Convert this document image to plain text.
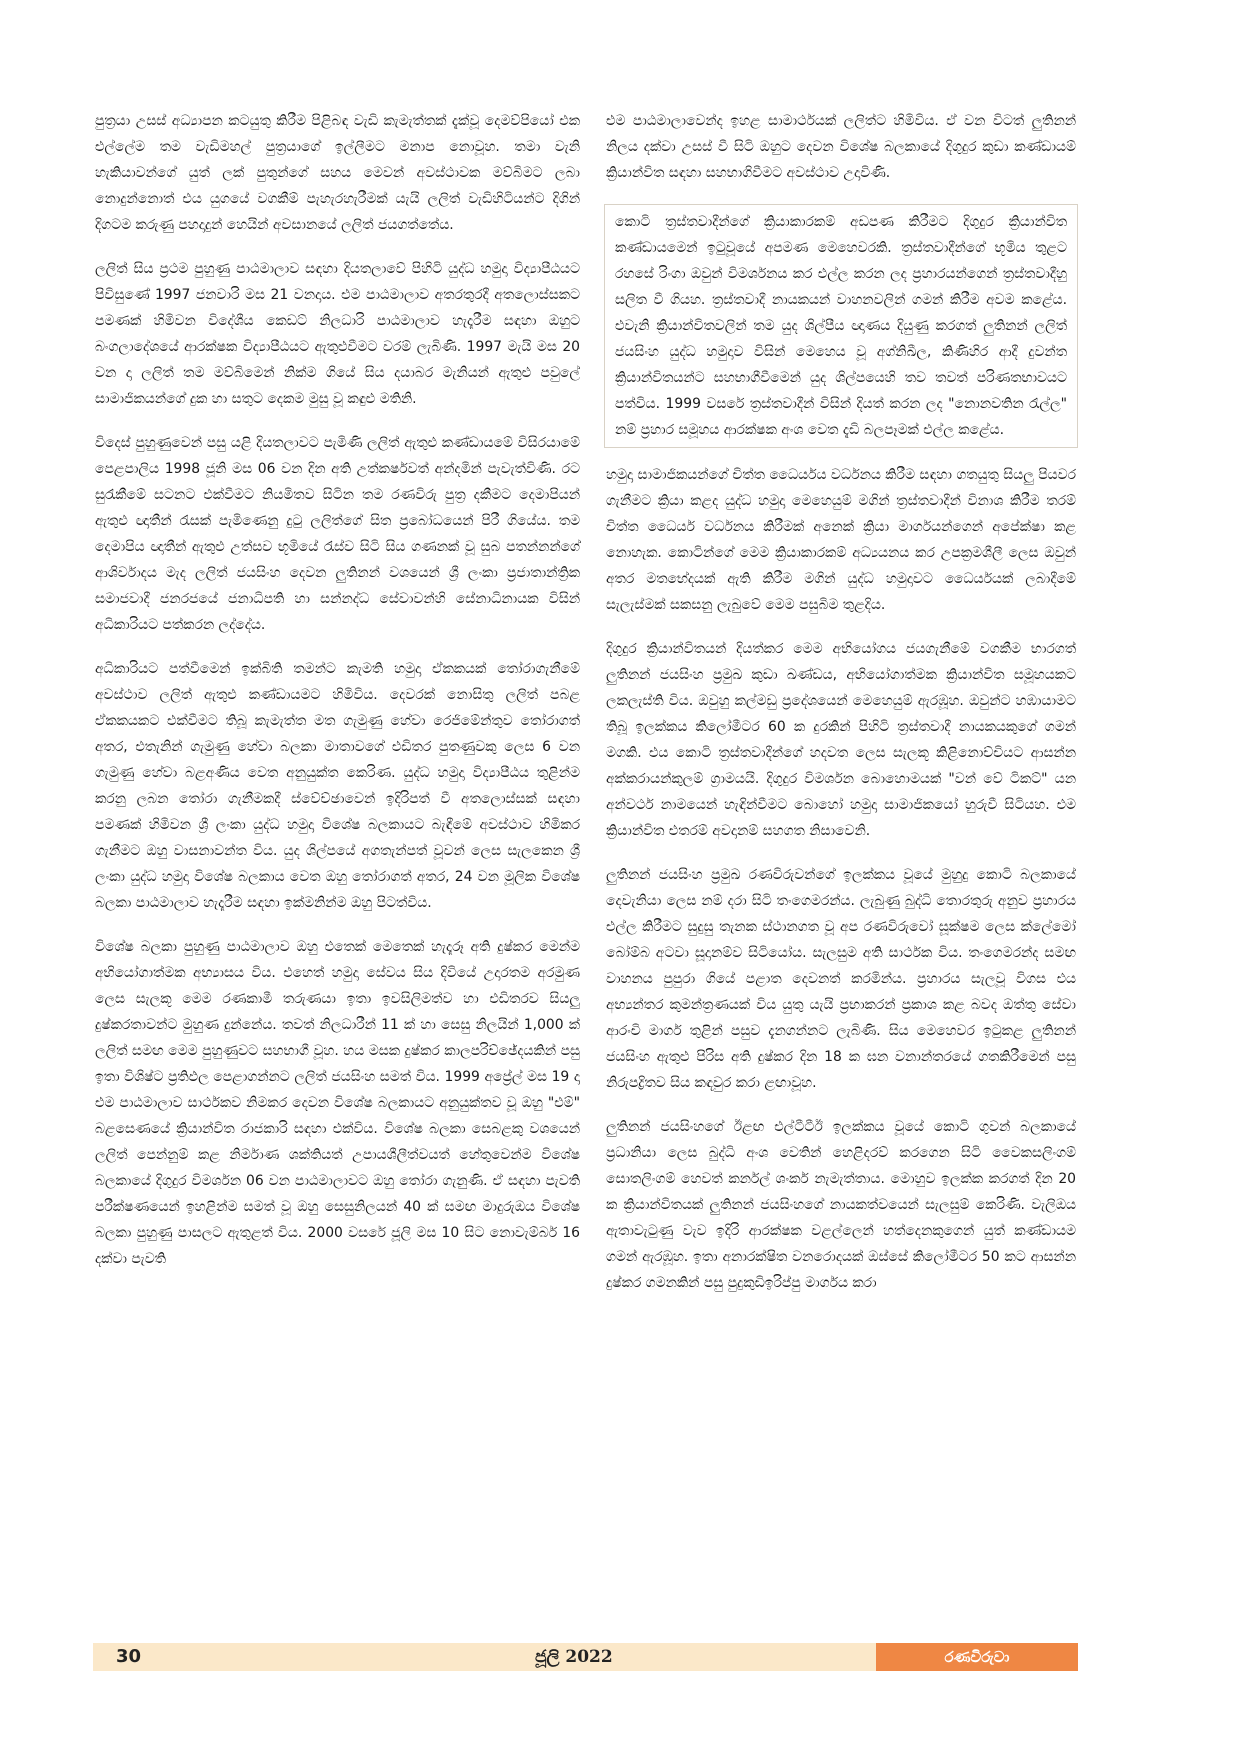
පුත්‍රයා උසස් අධ්‍යාපන කටයුතු කිරීම පිළිබඳ වැඩි කැමැත්තක් දැක්වූ දෙමව්පියෝ එක එල්ලේම තම වැඩිමහල් පුත්‍රයාගේ ඉල්ලීමට මනාප නොවූහ. තමා වැනි හැකියාවන්ගේ යුත් ලක් පුතුන්ගේ සහය මෙවන් අවස්ථාවක මව්බිමට ලබා නොදුන්නොත් එය යුගයේ වගකීම් පැහැරහැරීමක් යැයි ලලිත් වැඩිහිටියන්ට දිගින් දිගටම කරුණු පහදාදුන් හෙයින් අවසානයේ ලලිත් ජයගත්තේය.

ලලිත් සිය ප්‍රථම පුහුණු පාඨමාලාව සඳහා දියතලාවේ පිහිටි යුද්ධ හමුදා විද්‍යාපීඨයට පිවිසුණේ 1997 ජනවාරි මස 21 වනදාය. එම පාඨමාලාව අතරතුරදී අතලොස්සකට පමණක් හිමිවන විදේශීය කෙඩට් නිලධාරි පාඨමාලාව හැදෑරීම සඳහා ඔහුට බංගලාදේශයේ ආරක්ෂක විද්‍යාපීඨයට ඇතුළුවීමට වරම් ලැබිණි. 1997 මැයි මස 20 වන දා ලලිත් තම මව්බිමෙන් නික්ම ගියේ සිය දයාබර මැනියන් ඇතුළු පවුලේ සාමාජිකයන්ගේ දුක හා සතුට දෙකම මුසු වූ කඳුළු මතිනි.

විදෙස් පුහුණුවෙන් පසු යළි දියතලාවට පැමිණි ලලිත් ඇතුළු කණ්ඩායමේ විසිරයාමේ පෙළපාලිය 1998 ජූනි මස 06 වන දින අති උත්කර්ෂවත් අන්දමින් පැවැත්විණි. රට සුරැකීමේ සටනට එක්වීමට නියමිතව සිටින තම රණවිරු පුත්‍ර දකීමට දෙමාපියන් ඇතුළු ඥාතීන් රැසක් පැමිණෙනු දුටු ලලිත්ගේ සිත ප්‍රබෝධයෙන් පිරී ගියේය. තම දෙමාපිය ඥාතීන් ඇතුළු උත්සව භූමියේ රැස්ව සිටි සිය ගණනක් වූ සුබ පතන්නන්ගේ ආශිර්වාදය මැද ලලිත් ජයසිංහ දෙවන ලුතිනන් වශයෙන් ශ්‍රී ලංකා ප්‍රජාතාන්ත්‍රික සමාජවාදී ජනරජයේ ජනාධිපති හා සන්නද්ධ සේවාවන්හි සේනාධිනායක විසින් අධිකාරියට පත්කරන ලද්දේය.

අධිකාරියට පත්වීමෙන් ඉක්බිති තමන්ට කැමති හමුදා ඒකකයක් තෝරාගැනීමේ අවස්ථාව ලලිත් ඇතුළු කණ්ඩායමට හිමිවිය. දෙවරක් නොසිතු ලලිත් පබළ ඒකකයකට එක්වීමට තිබූ කැමැත්ත මත ගැමුණු හේවා රෙජිමේන්තුව තෝරාගත් අතර, එතැනින් ගැමුණු හේවා බලකා මාතාවගේ එඩිතර පුතණුවකු ලෙස 6 වන ගැමුණු හේවා බළඅණිය වෙත අනුයුක්ත කෙරිණ. යුද්ධ හමුදා විද්‍යාපීඨය තුළින්ම කරනු ලබන තෝරා ගැනීමකදී ස්වේච්ඡාවෙන් ඉදිරිපත් වී අතලොස්සක් සඳහා පමණක් හිමිවන ශ්‍රී ලංකා යුද්ධ හමුදා විශේෂ බලකායට බැඳීමේ අවස්ථාව හිමිකර ගැනීමට ඔහු වාසනාවන්ත විය. යුද ශිල්පයේ අගතැන්පත් වූවන් ලෙස සැලකෙන ශ්‍රී ලංකා යුද්ධ හමුදා විශේෂ බලකාය වෙත ඔහු තෝරාගත් අතර, 24 වන මූලික විශේෂ බලකා පාඨමාලාව හැදෑරීම සඳහා ඉක්මනින්ම ඔහු පිටත්විය.

විශේෂ බලකා පුහුණු පාඨමාලාව ඔහු එතෙක් මෙතෙක් හැදෑරූ අති දුෂ්කර මෙන්ම අභියෝගාත්මක අභ්‍යාසය විය. එහෙත් හමුදා සේවය සිය දිවියේ උදාරතම අරමුණ ලෙස සැලකූ මෙම රණකාමී තරුණයා ඉතා ඉවසිලිමත්ව හා එඩිතරව සියලු දුෂ්කරතාවන්ට මුහුණ දුන්නේය. තවත් නිලධාරීන් 11 ක් හා සෙසු නිලයින් 1,000 ක් ලලිත් සමඟ මෙම පුහුණුවට සහභාගී වූහ. හය මසක දුෂ්කර කාලපරිච්ඡේදයකින් පසු ඉතා විශිෂ්ට ප්‍රතිඵල පෙළාගන්නට ලලිත් ජයසිංහ සමත් විය. 1999 අප්‍රේල් මස 19 දා එම පාඨමාලාව සාර්ථකව නිමකර දෙවන විශේෂ බලකායට අනුයුක්තව වූ ඔහු "එම්" බළසෙණයේ ක්‍රියාන්විත රාජකාරි සඳහා එක්විය. විශේෂ බලකා සෙබළකු වශයෙන් ලලිත් පෙන්නුම් කළ නිර්මාණ ශක්තියත් උපායශීලීත්වයත් හේතුවෙන්ම විශේෂ බලකායේ දිගුදුර විමර්ශන 06 වන පාඨමාලාවට ඔහු තෝරා ගැනුණි. ඒ සඳහා පැවති පරීක්ෂණයෙන් ඉහළින්ම සමත් වූ ඔහු සෙසුනිලයන් 40 ක් සමඟ මාදුරුඔය විශේෂ බලකා පුහුණු පාසලට ඇතුළත් විය. 2000 වසරේ ජූලි මස 10 සිට නොවැම්බර් 16 දක්වා පැවති

එම පාඨමාලාවෙන්ද ඉහළ සාමාර්ථයක් ලලිත්ට හිමිවිය. ඒ වන විටත් ලුතිනන් නිලය දක්වා උසස් වී සිටි ඔහුට දෙවන විශේෂ බලකායේ දිගුදුර කුඩා කණ්ඩායම් ක්‍රියාන්විත සඳහා සහභාගිවීමට අවස්ථාව උදාවිණි.

කොටි ත්‍රස්තවාදීන්ගේ ක්‍රියාකාරකම් අඩපණ කිරීමට දිගුදුර ක්‍රියාන්විත කණ්ඩායමෙන් ඉටුවූයේ අපමණ මෙහෙවරකි. ත්‍රස්තවාදීන්ගේ භූමිය තුළට රහසේ රිංගා ඔවුන් විමර්ශනය කර එල්ල කරන ලද ප්‍රහාරයන්ගෙන් ත්‍රස්තවාදීහු සලිත වී ගියහ. ත්‍රස්තවාදී නායකයන් වාහනවලින් ගමන් කිරීම අවම කළේය. එවැනි ක්‍රියාන්විතවලින් තම යුද ශිල්පීය ඥාණය දියුණු කරගත් ලුතිනන් ලලිත් ජයසිංහ යුද්ධ හමුදාව විසින් මෙහෙය වූ අග්නිඛීල, කිණිහිර ආදී දුවන්ත ක්‍රියාන්විතයන්ට සහභාගීවීමෙන් යුද ශිල්පයෙහි තව තවත් පරිණතභාවයට පත්විය. 1999 වසරේ ත්‍රස්තවාදීන් විසින් දියත් කරන ලද "නොනවතින රැල්ල" නම් ප්‍රහාර සමූහය ආරක්ෂක අංශ වෙත දැඩි බලපෑමක් එල්ල කළේය.

හමුදා සාමාජිකයන්ගේ චිත්ත ධෛර්යය වර්ධනය කිරීම සඳහා ගතයුතු සියලු පියවර ගැනීමට ක්‍රියා කළද යුද්ධ හමුදා මෙහෙයුම් මගින් ත්‍රස්තවාදීන් විනාශ කිරීම තරම් චිත්ත ධෛර්ය වර්ධනය කිරීමක් අනෙක් ක්‍රියා මාර්ගයන්ගෙන් අපේක්ෂා කළ නොහැක. කොටින්ගේ මෙම ක්‍රියාකාරකම් අධ්‍යයනය කර උපක්‍රමශීලී ලෙස ඔවුන් අතර මතභේදයක් ඇති කිරීම මගින් යුද්ධ හමුදාවට ධෛර්යයක් ලබාදීමේ සැලැස්මක් සකසනු ලැබුවේ මෙම පසුබිම තුළදිය.

දිගුදුර ක්‍රියාන්විතයන් දියත්කර මෙම අභියෝගය ජයගැනීමේ වගකීම භාරගත් ලුතිනන් ජයසිංහ ප්‍රමුඛ කුඩා ඛණ්ඩය, අභියෝගාත්මක ක්‍රියාන්විත සමූහයකට ලකලැස්ති විය. ඔවුහු කල්මඩු ප්‍රදේශයෙන් මෙහෙයුම් ඇරඹූහ. ඔවුන්ට හඹායාමට තිබූ ඉලක්කය කිලෝමීටර 60 ක දුරකින් පිහිටි ත්‍රස්තවාදී නායකයකුගේ ගමන් මගකි. එය කොටි ත්‍රස්තවාදීන්ගේ හදවත ලෙස සැලකූ කිළිනොච්චියට ආසන්න අක්කරායන්කුලම් ග්‍රාමයයි. දිගුදුර විමර්ශන බොහොමයක් "වන් වේ ටිකට්" යන අන්වර්ථ නාමයෙන් හැඳින්වීමට බොහෝ හමුදා සාමාජිකයෝ හුරුවී සිටියහ. එම ක්‍රියාන්විත එතරම් අවදානම් සහගත නිසාවෙනි.

ලුතිනන් ජයසිංහ ප්‍රමුඛ රණවිරුවන්ගේ ඉලක්කය වූයේ මුහුදු කොටි බලකායේ දෙවැනියා ලෙස නම් දරා සිටි තංගෙමරන්ය. ලැබුණු බුද්ධි තොරතුරු අනුව ප්‍රහාරය එල්ල කිරීමට සුදුසු තැනක ස්ථානගත වූ අප රණවිරුවෝ සූක්ෂම ලෙස ක්ලේමෝ බෝම්බ අටවා සූදානම්ව සිටියෝය. සැලසුම අති සාර්ථක විය. තංගෙමරන්ද සමඟ වාහනය පුපුරා ගියේ පළාත දෙවනත් කරමින්ය. ප්‍රහාරය සැලවූ විගස එය අභ්‍යන්තර කුමන්ත්‍රණයක් විය යුතු යැයි ප්‍රභාකරන් ප්‍රකාශ කළ බවද ඔත්තු සේවා ආරංචි මාර්ග තුළින් පසුව දැනගන්නට ලැබිණි. සිය මෙහෙවර ඉටුකළ ලුතිනන් ජයසිංහ ඇතුළු පිරිස අති දුෂ්කර දින 18 ක ඝන වනාන්තරයේ ගතකිරීමෙන් පසු නිරුපද්‍රිතව සිය කඳවුර කරා ළඟාවූහ.

ලුතිනන් ජයසිංහගේ ඊළඟ එල්ටීටීඊ ඉලක්කය වූයේ කොටි ගුවන් බලකායේ ප්‍රධානියා ලෙස බුද්ධි අංශ වෙතින් හෙළිදරව් කරගෙන සිටි වෛකසලිංගම් සොතලිංගම් හෙවත් කර්නල් ශංකර් නැමැත්තාය. මොහුව ඉලක්ක කරගත් දින 20 ක ක්‍රියාන්විතයක් ලුතිනන් ජයසිංහගේ නායකත්වයෙන් සැලසුම් කෙරිණි. වැලිඔය ඇතාවැටුණු වැව ඉදිරි ආරක්ෂක වළල්ලෙන් හත්දෙනකුගෙන් යුත් කණ්ඩායම ගමන් ඇරඹූහ. ඉතා අනාරක්ෂිත වනරොදයක් ඔස්සේ කිලෝමීටර 50 කට ආසන්න දුෂ්කර ගමනකින් පසු පුදුකුඩිඉරිප්පු මාර්ගය කරා

30	ජූලි 2022	රණවිරුවා
